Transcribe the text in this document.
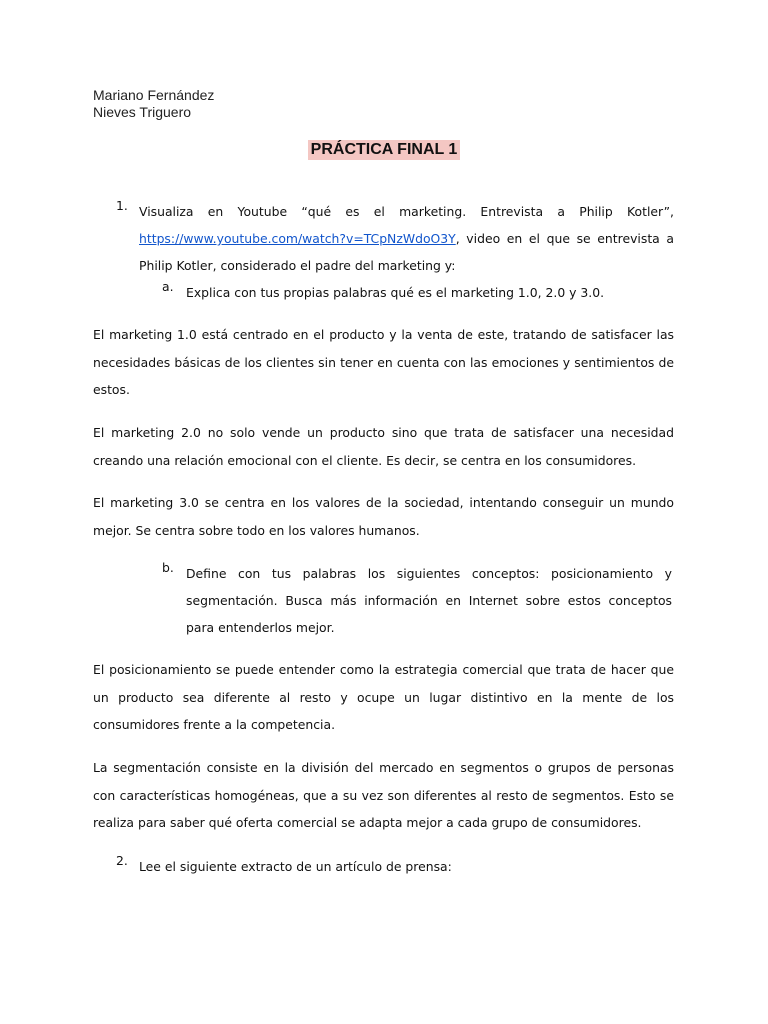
Mariano Fernández
Nieves Triguero
PRÁCTICA FINAL 1
1. Visualiza en Youtube “qué es el marketing. Entrevista a Philip Kotler”, https://www.youtube.com/watch?v=TCpNzWdoO3Y, video en el que se entrevista a Philip Kotler, considerado el padre del marketing y:
a. Explica con tus propias palabras qué es el marketing 1.0, 2.0 y 3.0.

El marketing 1.0 está centrado en el producto y la venta de este, tratando de satisfacer las necesidades básicas de los clientes sin tener en cuenta con las emociones y sentimientos de estos.

El marketing 2.0 no solo vende un producto sino que trata de satisfacer una necesidad creando una relación emocional con el cliente. Es decir, se centra en los consumidores.

El marketing 3.0 se centra en los valores de la sociedad, intentando conseguir un mundo mejor. Se centra sobre todo en los valores humanos.

b. Define con tus palabras los siguientes conceptos: posicionamiento y segmentación. Busca más información en Internet sobre estos conceptos para entenderlos mejor.

El posicionamiento se puede entender como la estrategia comercial que trata de hacer que un producto sea diferente al resto y ocupe un lugar distintivo en la mente de los consumidores frente a la competencia.

La segmentación consiste en la división del mercado en segmentos o grupos de personas con características homogéneas, que a su vez son diferentes al resto de segmentos. Esto se realiza para saber qué oferta comercial se adapta mejor a cada grupo de consumidores.

2. Lee el siguiente extracto de un artículo de prensa:
